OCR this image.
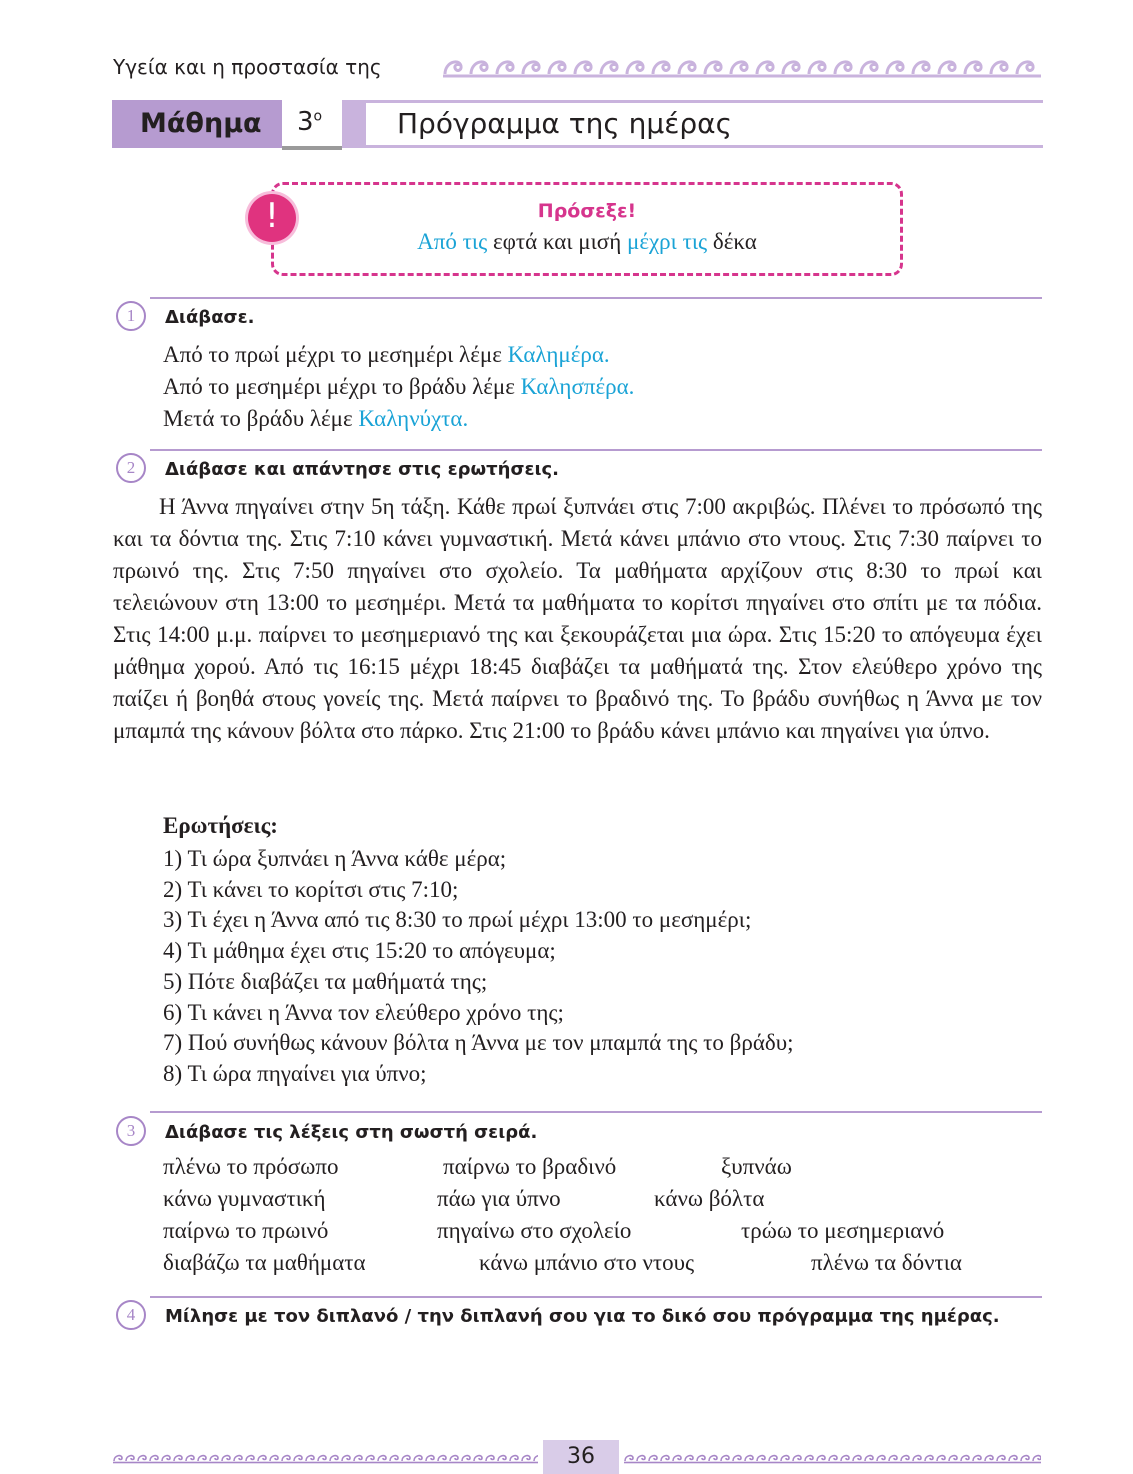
Υγεία και η προστασία της
Μάθημα $3^o$	Πρόγραμμα της ημέρας
!	Πρόσεξε!
Από τις εφτά και μισή μέχρι τις δέκα
1	Διάβασε.
Από το πρωί μέχρι το μεσημέρι λέμε Καλημέρα.
Από το μεσημέρι μέχρι το βράδυ λέμε Καλησπέρα.
Μετά το βράδυ λέμε Καληνύχτα.
2	Διάβασε και απάντησε στις ερωτήσεις.
  Η Άννα πηγαίνει στην 5η τάξη. Κάθε πρωί ξυπνάει στις 7:00 ακριβώς. Πλένει το πρόσωπό της και τα δόντια της. Στις 7:10 κάνει γυμναστική. Μετά κάνει μπάνιο στο ντους. Στις 7:30 παίρνει το πρωινό της. Στις 7:50 πηγαίνει στο σχολείο. Τα μαθήματα αρχίζουν στις 8:30 το πρωί και τελειώνουν στη 13:00 το μεσημέρι. Μετά τα μαθήματα το κορίτσι πηγαίνει στο σπίτι με τα πόδια. Στις 14:00 μ.μ. παίρνει το μεσημεριανό της και ξεκουράζεται μια ώρα. Στις 15:20 το απόγευμα έχει μάθημα χορού. Από τις 16:15 μέχρι 18:45 διαβάζει τα μαθήματά της. Στον ελεύθερο χρόνο της παίζει ή βοηθά στους γονείς της. Μετά παίρνει το βραδινό της. Το βράδυ συνήθως η Άννα με τον μπαμπά της κάνουν βόλτα στο πάρκο. Στις 21:00 το βράδυ κάνει μπάνιο και πηγαίνει για ύπνο.
Ερωτήσεις:
1) Τι ώρα ξυπνάει η Άννα κάθε μέρα;
2) Τι κάνει το κορίτσι στις 7:10;
3) Τι έχει η Άννα από τις 8:30 το πρωί μέχρι 13:00 το μεσημέρι;
4) Τι μάθημα έχει στις 15:20 το απόγευμα;
5) Πότε διαβάζει τα μαθήματά της;
6) Τι κάνει η Άννα τον ελεύθερο χρόνο της;
7) Πού συνήθως κάνουν βόλτα η Άννα με τον μπαμπά της το βράδυ;
8) Τι ώρα πηγαίνει για ύπνο;
3	Διάβασε τις λέξεις στη σωστή σειρά.
πλένω το πρόσωπο	παίρνω το βραδινό	ξυπνάω
κάνω γυμναστική	πάω για ύπνο	κάνω βόλτα
παίρνω το πρωινό	πηγαίνω στο σχολείο	τρώω το μεσημεριανό
διαβάζω τα μαθήματα	κάνω μπάνιο στο ντους	πλένω τα δόντια
4	Μίλησε με τον διπλανό / την διπλανή σου για το δικό σου πρόγραμμα της ημέρας.
36
